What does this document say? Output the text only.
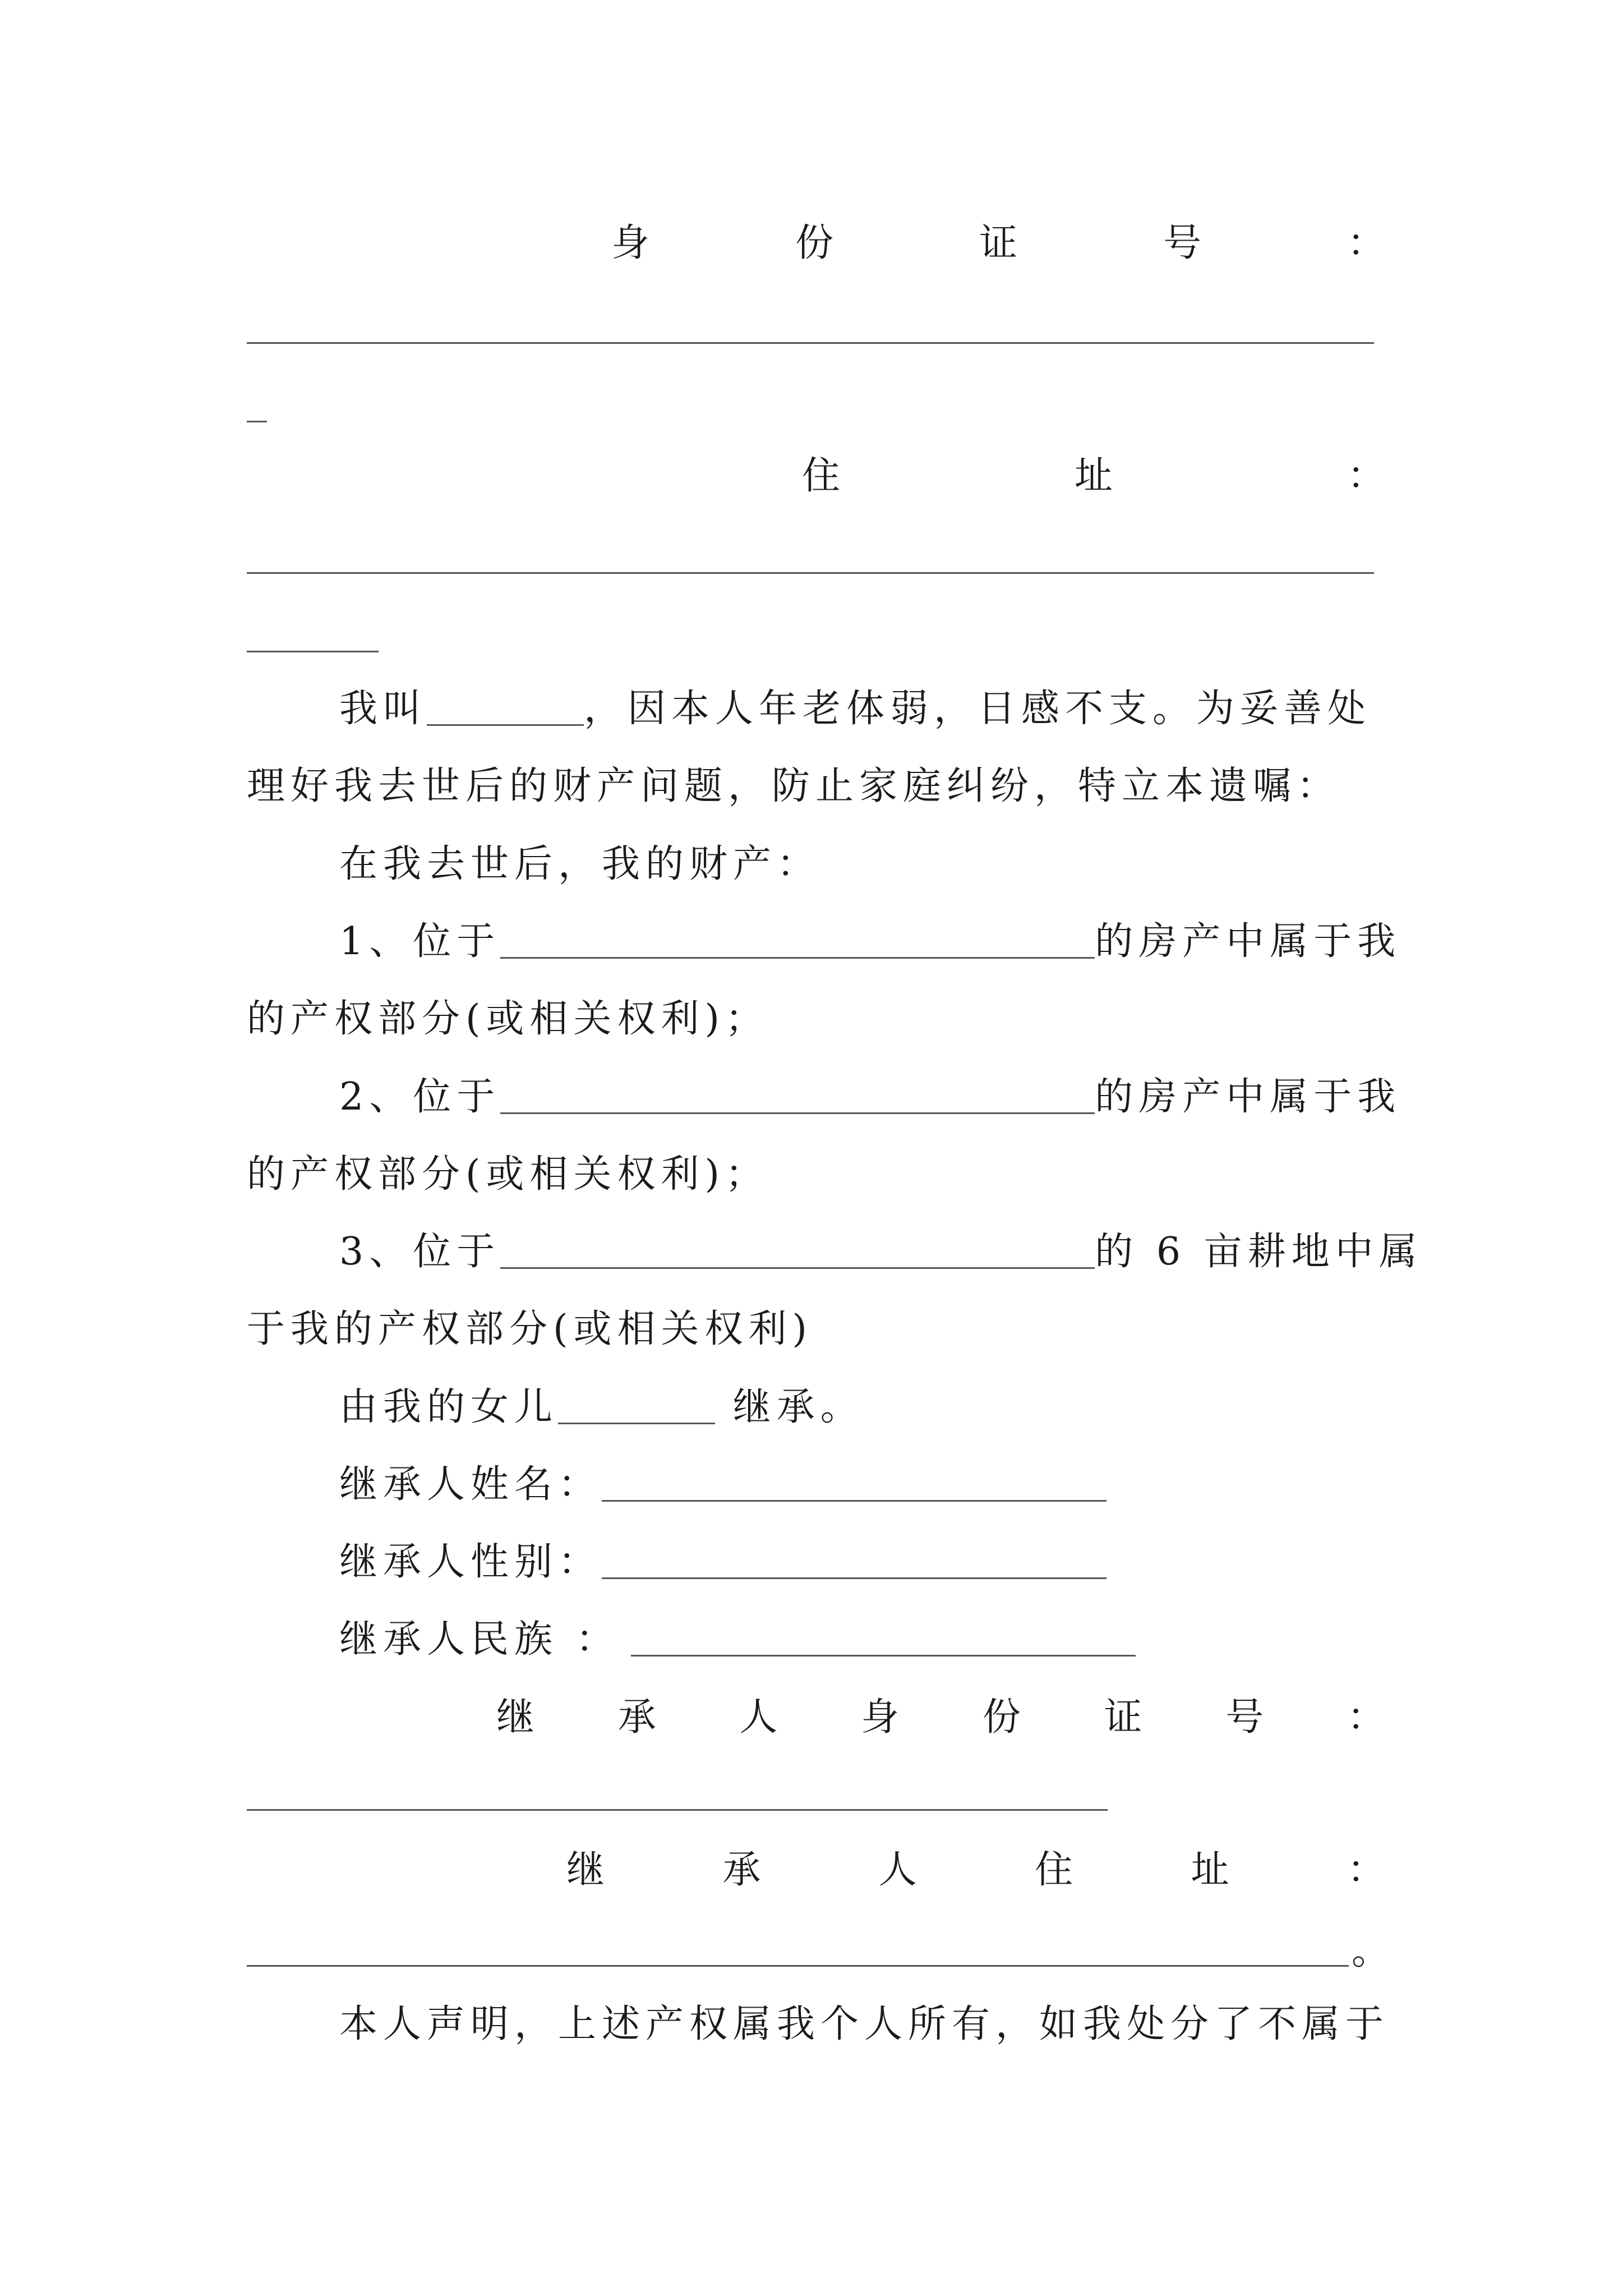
身	份	证	号	：
住	址	：
我叫	，因本人年老体弱，日感不支。为妥善处
理好我去世后的财产问题，防止家庭纠纷，特立本遗嘱：
在我去世后，我的财产：
1、位于	的房产中属于我
的产权部分(或相关权利)；
2、位于	的房产中属于我
的产权部分(或相关权利)；
3、位于	的 6 亩耕地中属
于我的产权部分(或相关权利)
由我的女儿	继承。
继承人姓名：
继承人性别：
继承人民族 ：
继 承 人 身 份 证 号 ：
继	承	人	住	址	：
。
本人声明，上述产权属我个人所有，如我处分了不属于
